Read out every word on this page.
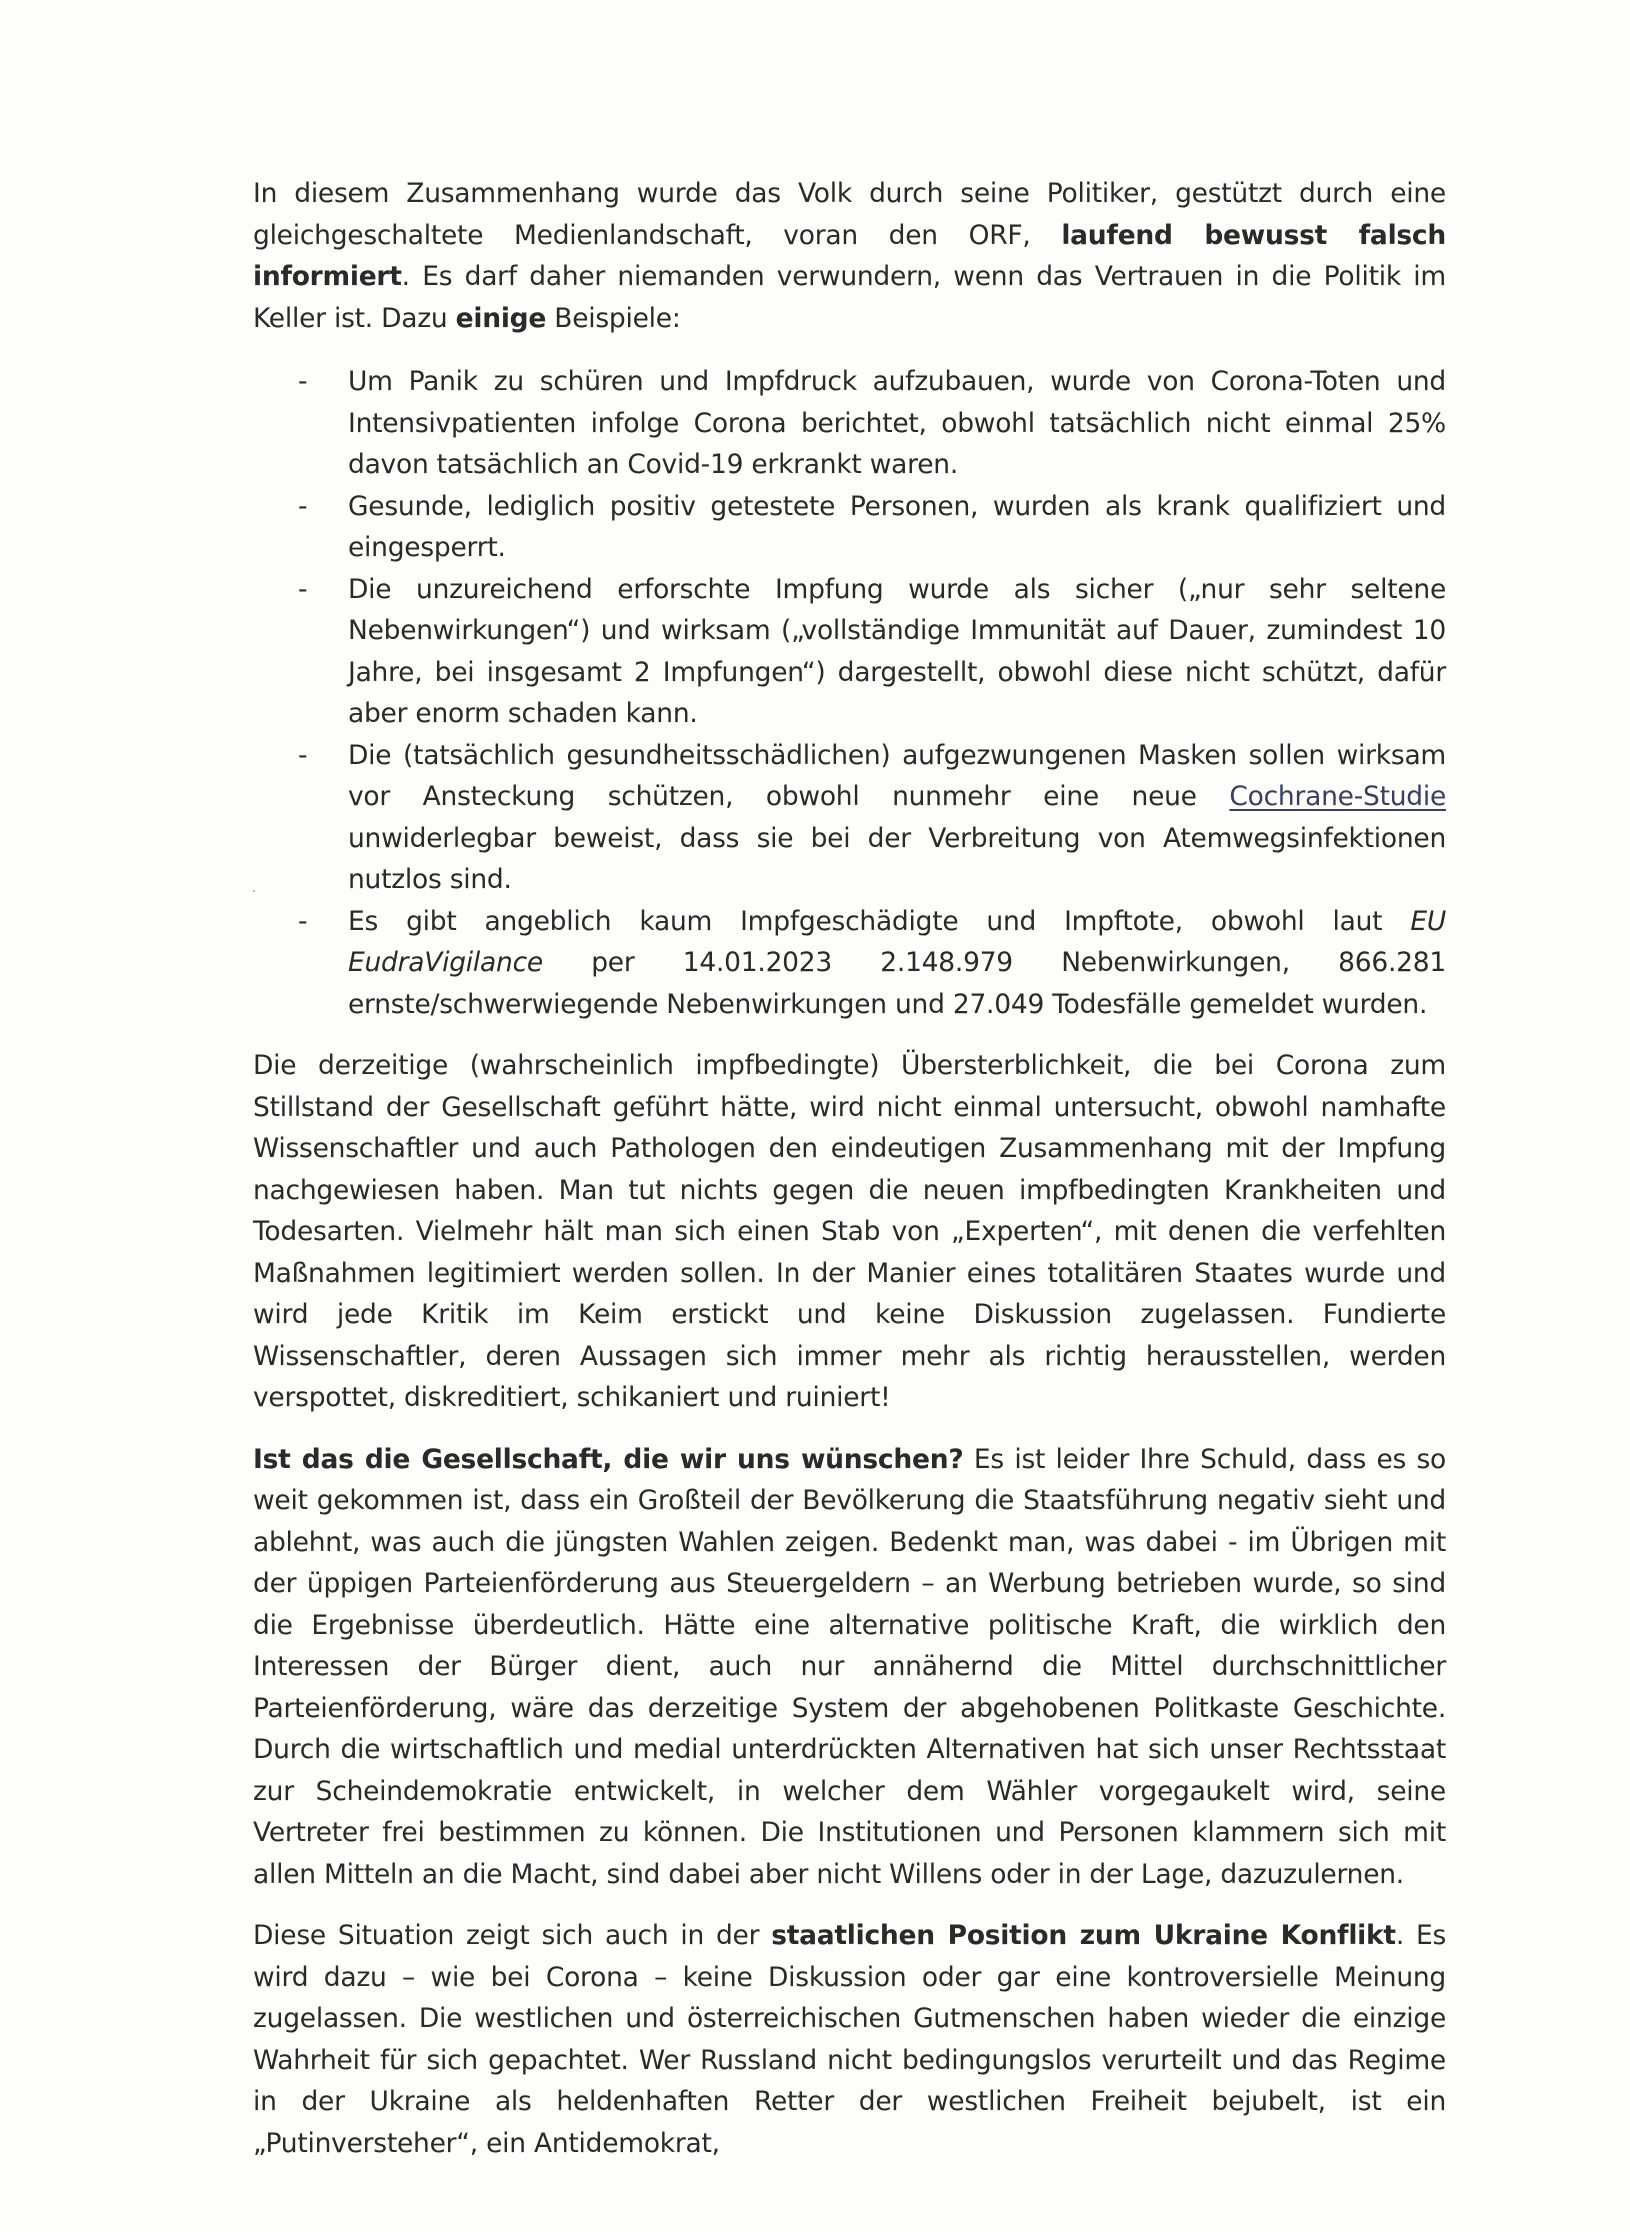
In diesem Zusammenhang wurde das Volk durch seine Politiker, gestützt durch eine gleichgeschaltete Medienlandschaft, voran den ORF, laufend bewusst falsch informiert. Es darf daher niemanden verwundern, wenn das Vertrauen in die Politik im Keller ist. Dazu einige Beispiele:

- Um Panik zu schüren und Impfdruck aufzubauen, wurde von Corona-Toten und Intensivpatienten infolge Corona berichtet, obwohl tatsächlich nicht einmal 25% davon tatsächlich an Covid-19 erkrankt waren.
- Gesunde, lediglich positiv getestete Personen, wurden als krank qualifiziert und eingesperrt.
- Die unzureichend erforschte Impfung wurde als sicher („nur sehr seltene Nebenwirkungen“) und wirksam („vollständige Immunität auf Dauer, zumindest 10 Jahre, bei insgesamt 2 Impfungen“) dargestellt, obwohl diese nicht schützt, dafür aber enorm schaden kann.
- Die (tatsächlich gesundheitsschädlichen) aufgezwungenen Masken sollen wirksam vor Ansteckung schützen, obwohl nunmehr eine neue Cochrane-Studie unwiderlegbar beweist, dass sie bei der Verbreitung von Atemwegsinfektionen nutzlos sind.
- Es gibt angeblich kaum Impfgeschädigte und Impftote, obwohl laut EU EudraVigilance per 14.01.2023 2.148.979 Nebenwirkungen, 866.281 ernste/schwerwiegende Nebenwirkungen und 27.049 Todesfälle gemeldet wurden.

Die derzeitige (wahrscheinlich impfbedingte) Übersterblichkeit, die bei Corona zum Stillstand der Gesellschaft geführt hätte, wird nicht einmal untersucht, obwohl namhafte Wissenschaftler und auch Pathologen den eindeutigen Zusammenhang mit der Impfung nachgewiesen haben. Man tut nichts gegen die neuen impfbedingten Krankheiten und Todesarten. Vielmehr hält man sich einen Stab von „Experten“, mit denen die verfehlten Maßnahmen legitimiert werden sollen. In der Manier eines totalitären Staates wurde und wird jede Kritik im Keim erstickt und keine Diskussion zugelassen. Fundierte Wissenschaftler, deren Aussagen sich immer mehr als richtig herausstellen, werden verspottet, diskreditiert, schikaniert und ruiniert!

Ist das die Gesellschaft, die wir uns wünschen? Es ist leider Ihre Schuld, dass es so weit gekommen ist, dass ein Großteil der Bevölkerung die Staatsführung negativ sieht und ablehnt, was auch die jüngsten Wahlen zeigen. Bedenkt man, was dabei - im Übrigen mit der üppigen Parteienförderung aus Steuergeldern – an Werbung betrieben wurde, so sind die Ergebnisse überdeutlich. Hätte eine alternative politische Kraft, die wirklich den Interessen der Bürger dient, auch nur annähernd die Mittel durchschnittlicher Parteienförderung, wäre das derzeitige System der abgehobenen Politkaste Geschichte. Durch die wirtschaftlich und medial unterdrückten Alternativen hat sich unser Rechtsstaat zur Scheindemokratie entwickelt, in welcher dem Wähler vorgegaukelt wird, seine Vertreter frei bestimmen zu können. Die Institutionen und Personen klammern sich mit allen Mitteln an die Macht, sind dabei aber nicht Willens oder in der Lage, dazuzulernen.

Diese Situation zeigt sich auch in der staatlichen Position zum Ukraine Konflikt. Es wird dazu – wie bei Corona – keine Diskussion oder gar eine kontroversielle Meinung zugelassen. Die westlichen und österreichischen Gutmenschen haben wieder die einzige Wahrheit für sich gepachtet. Wer Russland nicht bedingungslos verurteilt und das Regime in der Ukraine als heldenhaften Retter der westlichen Freiheit bejubelt, ist ein „Putinversteher“, ein Antidemokrat,
